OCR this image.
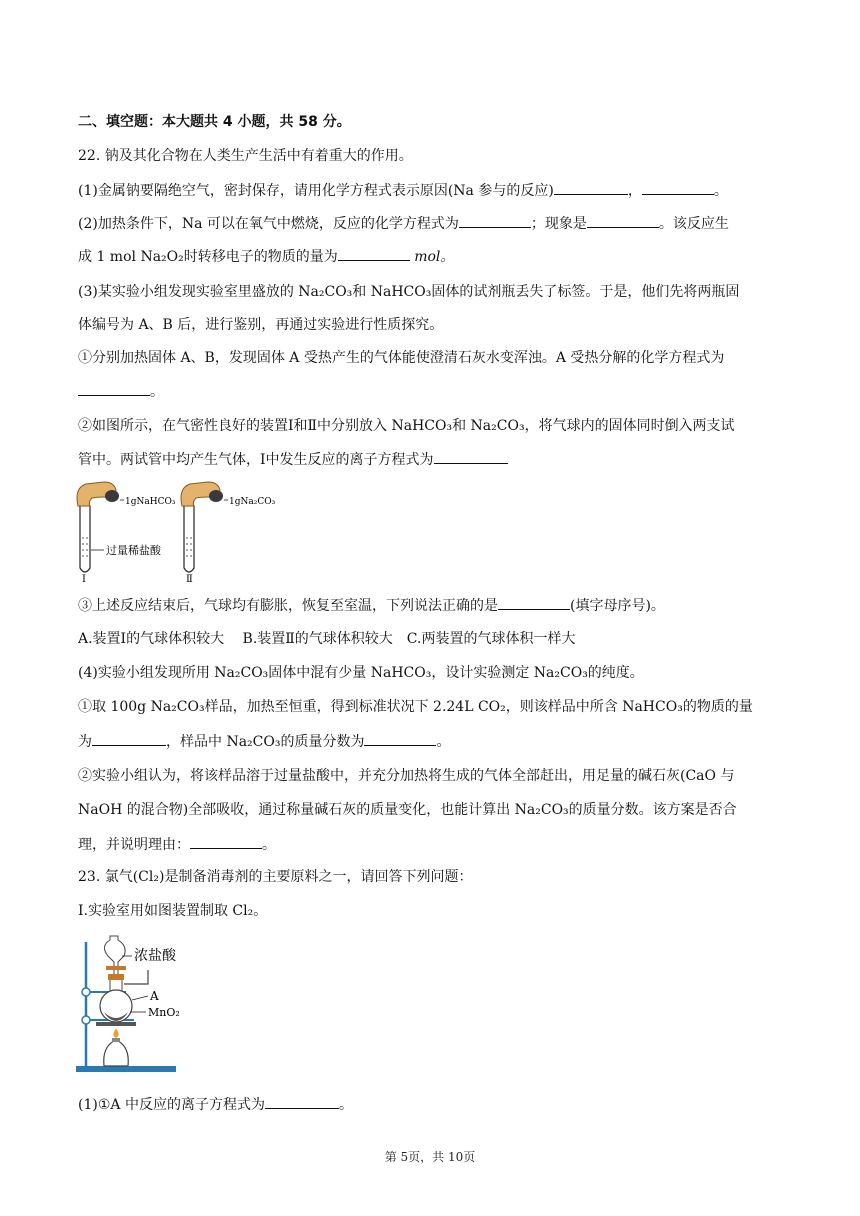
二、填空题：本大题共 4 小题，共 58 分。
22. 钠及其化合物在人类生产生活中有着重大的作用。
(1)金属钠要隔绝空气，密封保存，请用化学方程式表示原因(Na 参与的反应)	，	。
(2)加热条件下，Na 可以在氧气中燃烧，反应的化学方程式为	；现象是	。该反应生
成 1 mol Na₂O₂时转移电子的物质的量为	mol。
(3)某实验小组发现实验室里盛放的 Na₂CO₃和 NaHCO₃固体的试剂瓶丢失了标签。于是，他们先将两瓶固
体编号为 A、B 后，进行鉴别，再通过实验进行性质探究。
①分别加热固体 A、B，发现固体 A 受热产生的气体能使澄清石灰水变浑浊。A 受热分解的化学方程式为
。
②如图所示，在气密性良好的装置Ⅰ和Ⅱ中分别放入 NaHCO₃和 Na₂CO₃，将气球内的固体同时倒入两支试
管中。两试管中均产生气体，Ⅰ中发生反应的离子方程式为
1gNaHCO₃	1gNa₂CO₃
过量稀盐酸
Ⅰ	Ⅱ
③上述反应结束后，气球均有膨胀，恢复至室温，下列说法正确的是	(填字母序号)。
A.装置Ⅰ的气球体积较大　 B.装置Ⅱ的气球体积较大　C.两装置的气球体积一样大
(4)实验小组发现所用 Na₂CO₃固体中混有少量 NaHCO₃，设计实验测定 Na₂CO₃的纯度。
①取 100g Na₂CO₃样品，加热至恒重，得到标准状况下 2.24L CO₂，则该样品中所含 NaHCO₃的物质的量
为	，样品中 Na₂CO₃的质量分数为	。
②实验小组认为，将该样品溶于过量盐酸中，并充分加热将生成的气体全部赶出，用足量的碱石灰(CaO 与
NaOH 的混合物)全部吸收，通过称量碱石灰的质量变化，也能计算出 Na₂CO₃的质量分数。该方案是否合
理，并说明理由：	。
23. 氯气(Cl₂)是制备消毒剂的主要原料之一，请回答下列问题：
Ⅰ.实验室用如图装置制取 Cl₂。
浓盐酸
A
MnO₂
(1)①A 中反应的离子方程式为	。
第 5页，共 10页
